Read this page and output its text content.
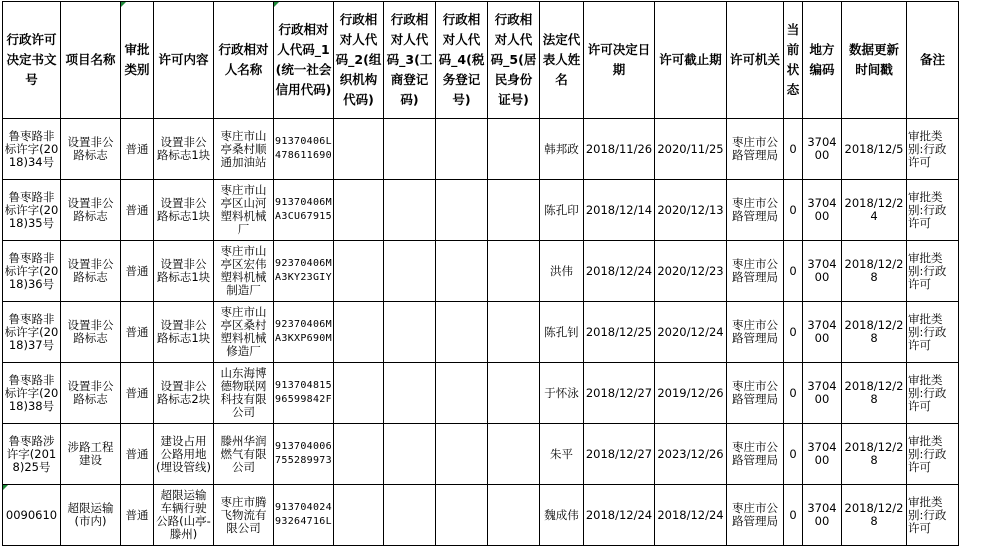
行政许可决定书文号	项目名称	审批类别	许可内容	行政相对人名称	行政相对人代码_1(统一社会信用代码)	行政相对人代码_2(组织机构代码)	行政相对人代码_3(工商登记码)	行政相对人代码_4(税务登记号)	行政相对人代码_5(居民身份证号)	法定代表人姓名	许可决定日期	许可截止期	许可机关	当前状态	地方编码	数据更新时间戳	备注
鲁枣路非标许字(2018)34号	设置非公路标志	普通	设置非公路标志1块	枣庄市山亭桑村顺通加油站	91370406L478611690					韩邦政	2018/11/26	2020/11/25	枣庄市公路管理局	0	370400	2018/12/5	审批类别:行政许可
鲁枣路非标许字(2018)35号	设置非公路标志	普通	设置非公路标志1块	枣庄市山亭区山河塑料机械厂	91370406MA3CU67915					陈孔印	2018/12/14	2020/12/13	枣庄市公路管理局	0	370400	2018/12/24	审批类别:行政许可
鲁枣路非标许字(2018)36号	设置非公路标志	普通	设置非公路标志1块	枣庄市山亭区宏伟塑料机械制造厂	92370406MA3KY23GIY					洪伟	2018/12/24	2020/12/23	枣庄市公路管理局	0	370400	2018/12/28	审批类别:行政许可
鲁枣路非标许字(2018)37号	设置非公路标志	普通	设置非公路标志1块	枣庄市山亭区桑村塑料机械修造厂	92370406MA3KXP690M					陈孔钊	2018/12/25	2020/12/24	枣庄市公路管理局	0	370400	2018/12/28	审批类别:行政许可
鲁枣路非标许字(2018)38号	设置非公路标志	普通	设置非公路标志2块	山东海博德物联网科技有限公司	91370481596599842F					于怀泳	2018/12/27	2019/12/26	枣庄市公路管理局	0	370400	2018/12/28	审批类别:行政许可
鲁枣路涉许字(2018)25号	涉路工程建设	普通	建设占用公路用地(埋设管线)	滕州华润燃气有限公司	913704006755289973					朱平	2018/12/27	2023/12/26	枣庄市公路管理局	0	370400	2018/12/28	审批类别:行政许可

0090610	超限运输(市内)	普通	超限运输车辆行驶公路(山亭-滕州)	枣庄市腾飞物流有限公司	91370402493264716L					魏成伟	2018/12/24	2018/12/24	枣庄市公路管理局	0	370400	2018/12/28	审批类别:行政许可
